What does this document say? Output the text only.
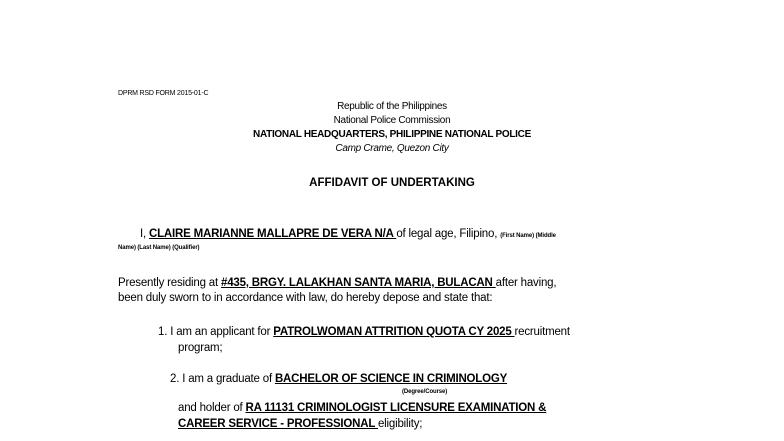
DPRM RSD FORM 2015-01-C
Republic of the Philippines
National Police Commission
NATIONAL HEADQUARTERS, PHILIPPINE NATIONAL POLICE
Camp Crame, Quezon City
AFFIDAVIT OF UNDERTAKING
I, CLAIRE MARIANNE MALLAPRE DE VERA N/A of legal age, Filipino, (First Name) (Middle
Name) (Last Name) (Qualifier)
Presently residing at #435, BRGY. LALAKHAN SANTA MARIA, BULACAN after having,
been duly sworn to in accordance with law, do hereby depose and state that:
1. I am an applicant for PATROLWOMAN ATTRITION QUOTA CY 2025 recruitment
program;
2. I am a graduate of BACHELOR OF SCIENCE IN CRIMINOLOGY
(Degree/Course)
and holder of RA 11131 CRIMINOLOGIST LICENSURE EXAMINATION &
CAREER SERVICE - PROFESSIONAL eligibility;
